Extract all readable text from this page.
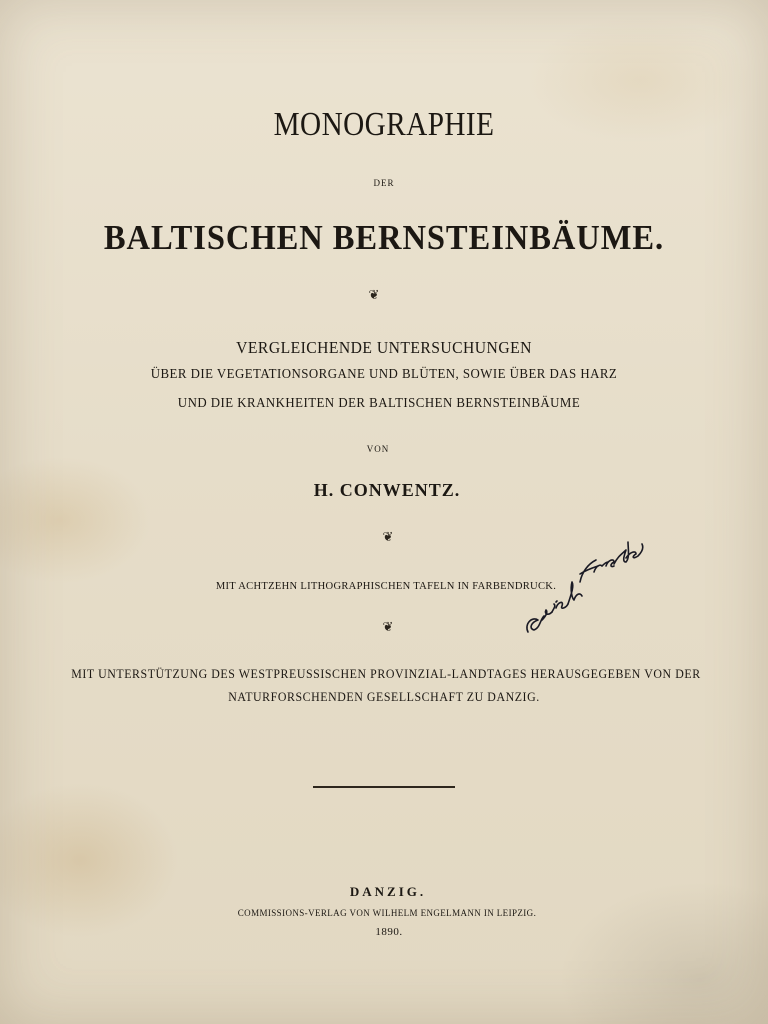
MONOGRAPHIE
DER
BALTISCHEN BERNSTEINBÄUME.
❦
VERGLEICHENDE UNTERSUCHUNGEN
ÜBER DIE VEGETATIONSORGANE UND BLÜTEN, SOWIE ÜBER DAS HARZ
UND DIE KRANKHEITEN DER BALTISCHEN BERNSTEINBÄUME
VON
H. CONWENTZ.
❦
MIT ACHTZEHN LITHOGRAPHISCHEN TAFELN IN FARBENDRUCK.
❦
MIT UNTERSTÜTZUNG DES WESTPREUSSISCHEN PROVINZIAL-LANDTAGES HERAUSGEGEBEN VON DER
NATURFORSCHENDEN GESELLSCHAFT ZU DANZIG.
DANZIG.
COMMISSIONS-VERLAG VON WILHELM ENGELMANN IN LEIPZIG.
1890.
